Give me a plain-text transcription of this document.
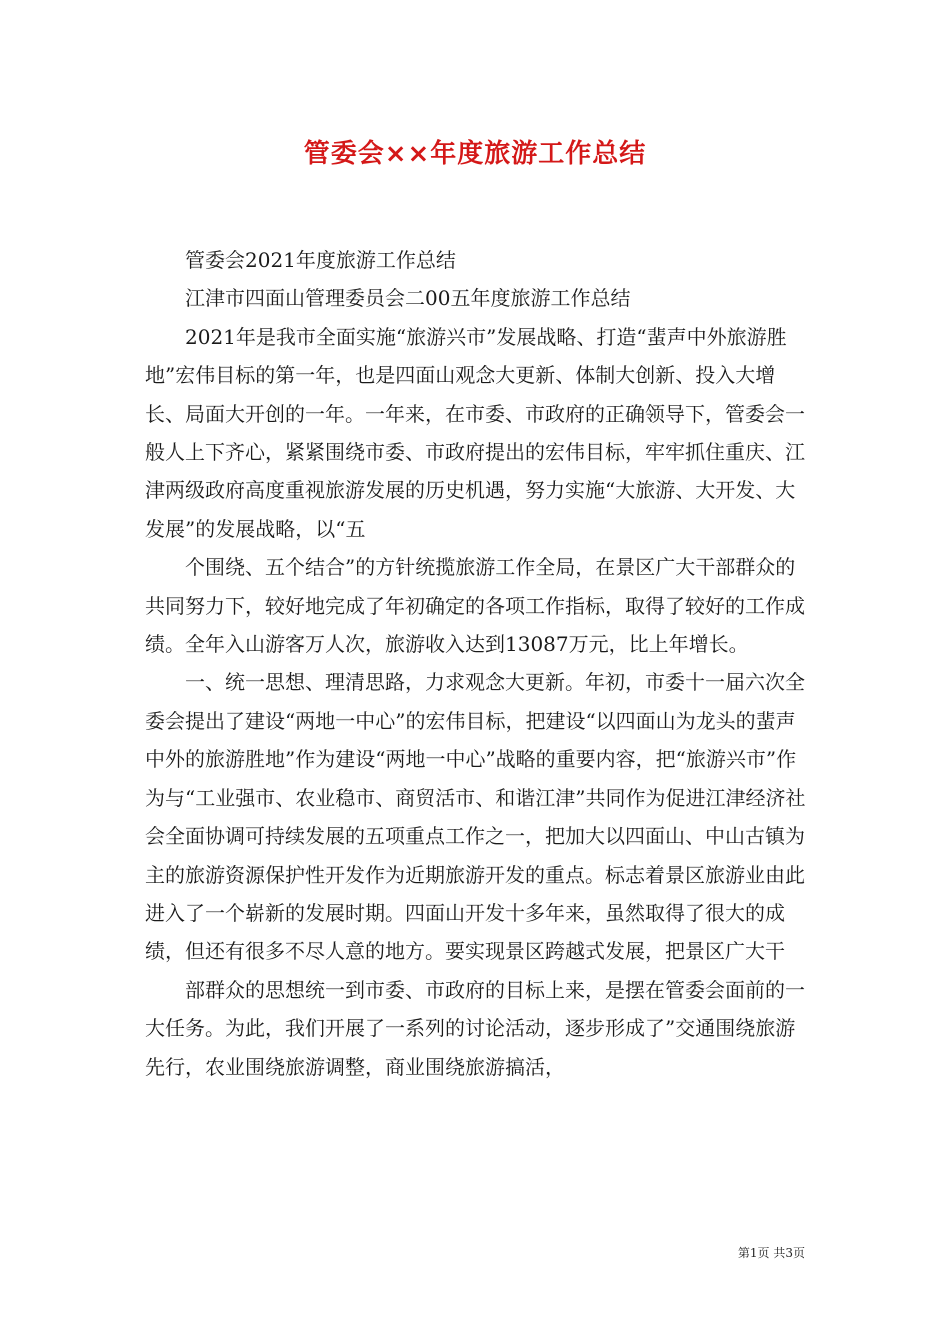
管委会××年度旅游工作总结

管委会2021年度旅游工作总结

江津市四面山管理委员会二00五年度旅游工作总结

2021年是我市全面实施“旅游兴市”发展战略、打造“蜚声中外旅游胜地”宏伟目标的第一年，也是四面山观念大更新、体制大创新、投入大增长、局面大开创的一年。一年来，在市委、市政府的正确领导下，管委会一般人上下齐心，紧紧围绕市委、市政府提出的宏伟目标，牢牢抓住重庆、江津两级政府高度重视旅游发展的历史机遇，努力实施“大旅游、大开发、大发展”的发展战略，以“五

个围绕、五个结合”的方针统揽旅游工作全局，在景区广大干部群众的共同努力下，较好地完成了年初确定的各项工作指标，取得了较好的工作成绩。全年入山游客万人次，旅游收入达到13087万元，比上年增长。

一、统一思想、理清思路，力求观念大更新。年初，市委十一届六次全委会提出了建设“两地一中心”的宏伟目标，把建设“以四面山为龙头的蜚声中外的旅游胜地”作为建设“两地一中心”战略的重要内容，把“旅游兴市”作为与“工业强市、农业稳市、商贸活市、和谐江津”共同作为促进江津经济社会全面协调可持续发展的五项重点工作之一，把加大以四面山、中山古镇为主的旅游资源保护性开发作为近期旅游开发的重点。标志着景区旅游业由此进入了一个崭新的发展时期。四面山开发十多年来，虽然取得了很大的成绩，但还有很多不尽人意的地方。要实现景区跨越式发展，把景区广大干

部群众的思想统一到市委、市政府的目标上来，是摆在管委会面前的一大任务。为此，我们开展了一系列的讨论活动，逐步形成了”交通围绕旅游先行，农业围绕旅游调整，商业围绕旅游搞活，

第1页 共3页
